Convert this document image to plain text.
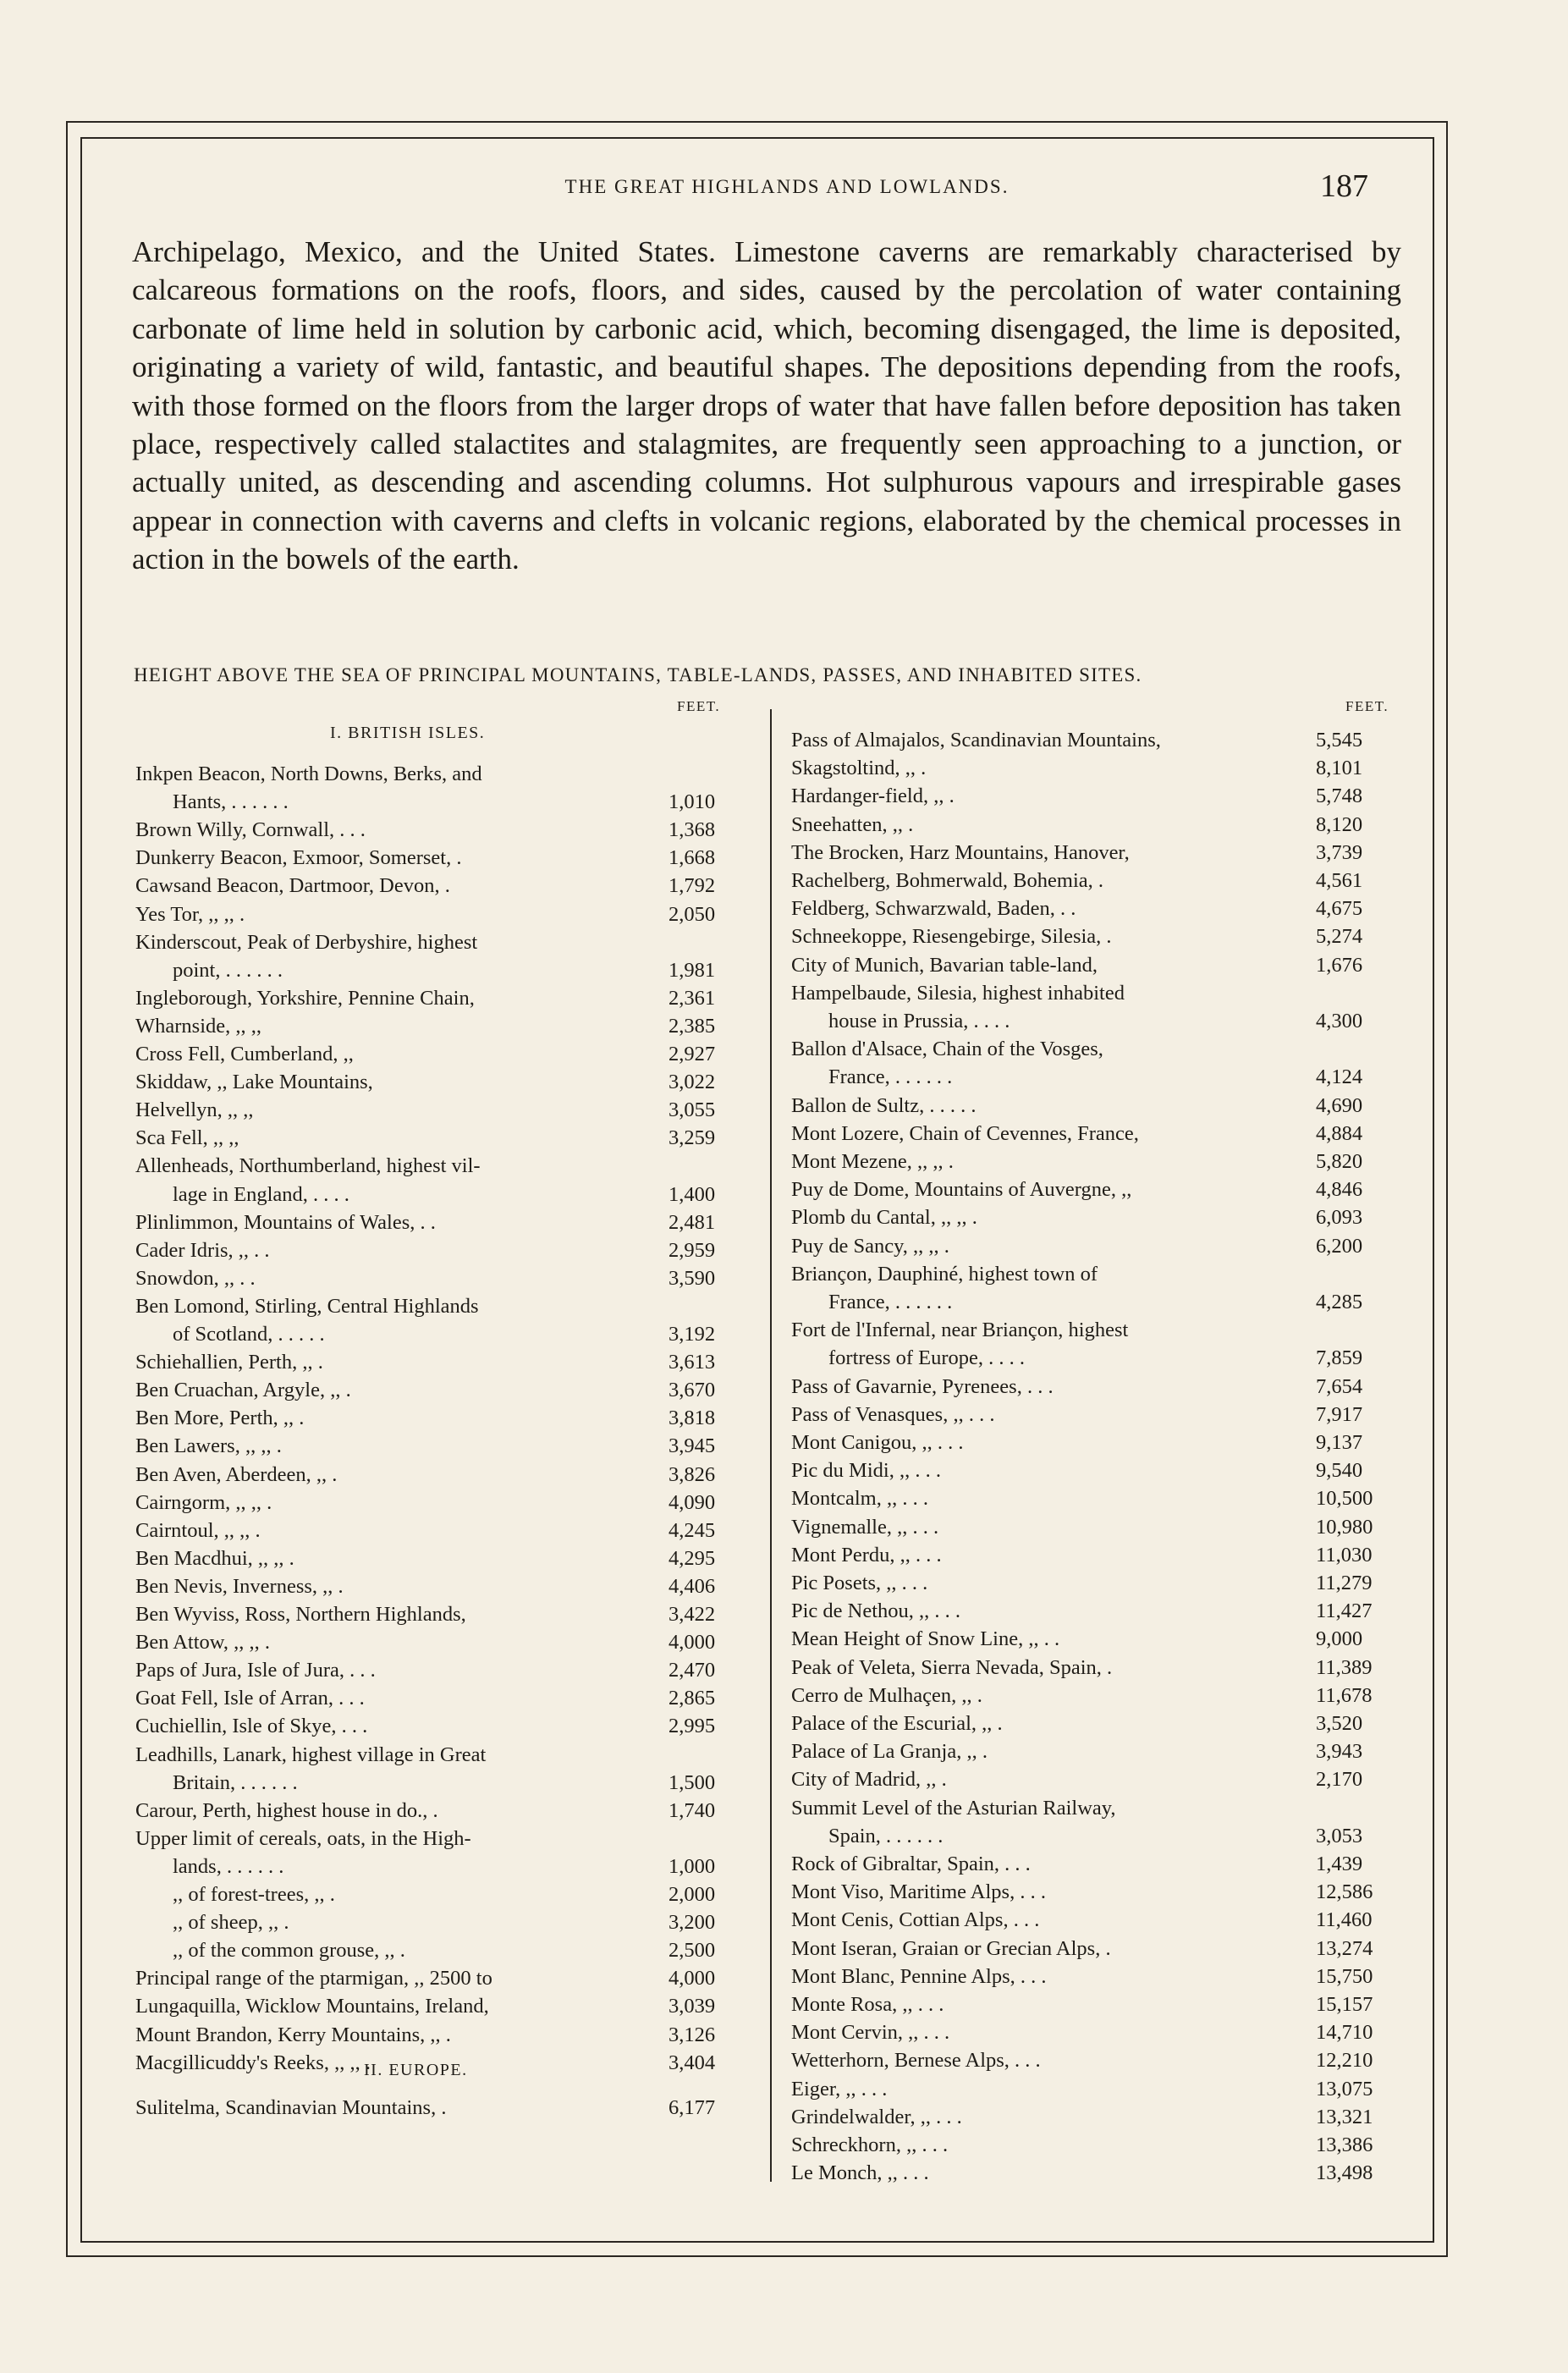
THE GREAT HIGHLANDS AND LOWLANDS.	187
Archipelago, Mexico, and the United States. Limestone caverns are remarkably characterised by calcareous formations on the roofs, floors, and sides, caused by the percolation of water containing carbonate of lime held in solution by carbonic acid, which, becoming disengaged, the lime is deposited, originating a variety of wild, fantastic, and beautiful shapes. The depositions depending from the roofs, with those formed on the floors from the larger drops of water that have fallen before deposition has taken place, respectively called stalactites and stalagmites, are frequently seen approaching to a junction, or actually united, as descending and ascending columns. Hot sulphurous vapours and irrespirable gases appear in connection with caverns and clefts in volcanic regions, elaborated by the chemical processes in action in the bowels of the earth.
HEIGHT ABOVE THE SEA OF PRINCIPAL MOUNTAINS, TABLE-LANDS, PASSES, AND INHABITED SITES.
FEET.
I. BRITISH ISLES.
Inkpen Beacon, North Downs, Berks, and
Hants, . . . . . .	1,010
Brown Willy, Cornwall, . . .	1,368
Dunkerry Beacon, Exmoor, Somerset, .	1,668
Cawsand Beacon, Dartmoor, Devon, .	1,792
Yes Tor, ,, ,, .	2,050
Kinderscout, Peak of Derbyshire, highest
point, . . . . . .	1,981
Ingleborough, Yorkshire, Pennine Chain,	2,361
Wharnside, ,, ,,	2,385
Cross Fell, Cumberland, ,,	2,927
Skiddaw, ,, Lake Mountains,	3,022
Helvellyn, ,, ,,	3,055
Sca Fell, ,, ,,	3,259
Allenheads, Northumberland, highest vil-
lage in England, . . . .	1,400
Plinlimmon, Mountains of Wales, . .	2,481
Cader Idris, ,, . .	2,959
Snowdon, ,, . .	3,590
Ben Lomond, Stirling, Central Highlands
of Scotland, . . . . .	3,192
Schiehallien, Perth, ,, .	3,613
Ben Cruachan, Argyle, ,, .	3,670
Ben More, Perth, ,, .	3,818
Ben Lawers, ,, ,, .	3,945
Ben Aven, Aberdeen, ,, .	3,826
Cairngorm, ,, ,, .	4,090
Cairntoul, ,, ,, .	4,245
Ben Macdhui, ,, ,, .	4,295
Ben Nevis, Inverness, ,, .	4,406
Ben Wyviss, Ross, Northern Highlands,	3,422
Ben Attow, ,, ,, .	4,000
Paps of Jura, Isle of Jura, . . .	2,470
Goat Fell, Isle of Arran, . . .	2,865
Cuchiellin, Isle of Skye, . . .	2,995
Leadhills, Lanark, highest village in Great
Britain, . . . . . .	1,500
Carour, Perth, highest house in do., .	1,740
Upper limit of cereals, oats, in the High-
lands, . . . . . .	1,000
,, of forest-trees, ,, .	2,000
,, of sheep, ,, .	3,200
,, of the common grouse, ,, .	2,500
Principal range of the ptarmigan, ,, 2500 to	4,000
Lungaquilla, Wicklow Mountains, Ireland,	3,039
Mount Brandon, Kerry Mountains, ,, .	3,126
Macgillicuddy's Reeks, ,, ,, .	3,404
II. EUROPE.
Sulitelma, Scandinavian Mountains, .	6,177
FEET.
Pass of Almajalos, Scandinavian Mountains,	5,545
Skagstoltind, ,, .	8,101
Hardanger-field, ,, .	5,748
Sneehatten, ,, .	8,120
The Brocken, Harz Mountains, Hanover,	3,739
Rachelberg, Bohmerwald, Bohemia, .	4,561
Feldberg, Schwarzwald, Baden, . .	4,675
Schneekoppe, Riesengebirge, Silesia, .	5,274
City of Munich, Bavarian table-land,	1,676
Hampelbaude, Silesia, highest inhabited
house in Prussia, . . . .	4,300
Ballon d'Alsace, Chain of the Vosges,
France, . . . . . .	4,124
Ballon de Sultz, . . . . .	4,690
Mont Lozere, Chain of Cevennes, France,	4,884
Mont Mezene, ,, ,, .	5,820
Puy de Dome, Mountains of Auvergne, ,,	4,846
Plomb du Cantal, ,, ,, .	6,093
Puy de Sancy, ,, ,, .	6,200
Briançon, Dauphiné, highest town of
France, . . . . . .	4,285
Fort de l'Infernal, near Briançon, highest
fortress of Europe, . . . .	7,859
Pass of Gavarnie, Pyrenees, . . .	7,654
Pass of Venasques, ,, . . .	7,917
Mont Canigou, ,, . . .	9,137
Pic du Midi, ,, . . .	9,540
Montcalm, ,, . . .	10,500
Vignemalle, ,, . . .	10,980
Mont Perdu, ,, . . .	11,030
Pic Posets, ,, . . .	11,279
Pic de Nethou, ,, . . .	11,427
Mean Height of Snow Line, ,, . .	9,000
Peak of Veleta, Sierra Nevada, Spain, .	11,389
Cerro de Mulhaçen, ,, .	11,678
Palace of the Escurial, ,, .	3,520
Palace of La Granja, ,, .	3,943
City of Madrid, ,, .	2,170
Summit Level of the Asturian Railway,
Spain, . . . . . .	3,053
Rock of Gibraltar, Spain, . . .	1,439
Mont Viso, Maritime Alps, . . .	12,586
Mont Cenis, Cottian Alps, . . .	11,460
Mont Iseran, Graian or Grecian Alps, .	13,274
Mont Blanc, Pennine Alps, . . .	15,750
Monte Rosa, ,, . . .	15,157
Mont Cervin, ,, . . .	14,710
Wetterhorn, Bernese Alps, . . .	12,210
Eiger, ,, . . .	13,075
Grindelwalder, ,, . . .	13,321
Schreckhorn, ,, . . .	13,386
Le Monch, ,, . . .	13,498
